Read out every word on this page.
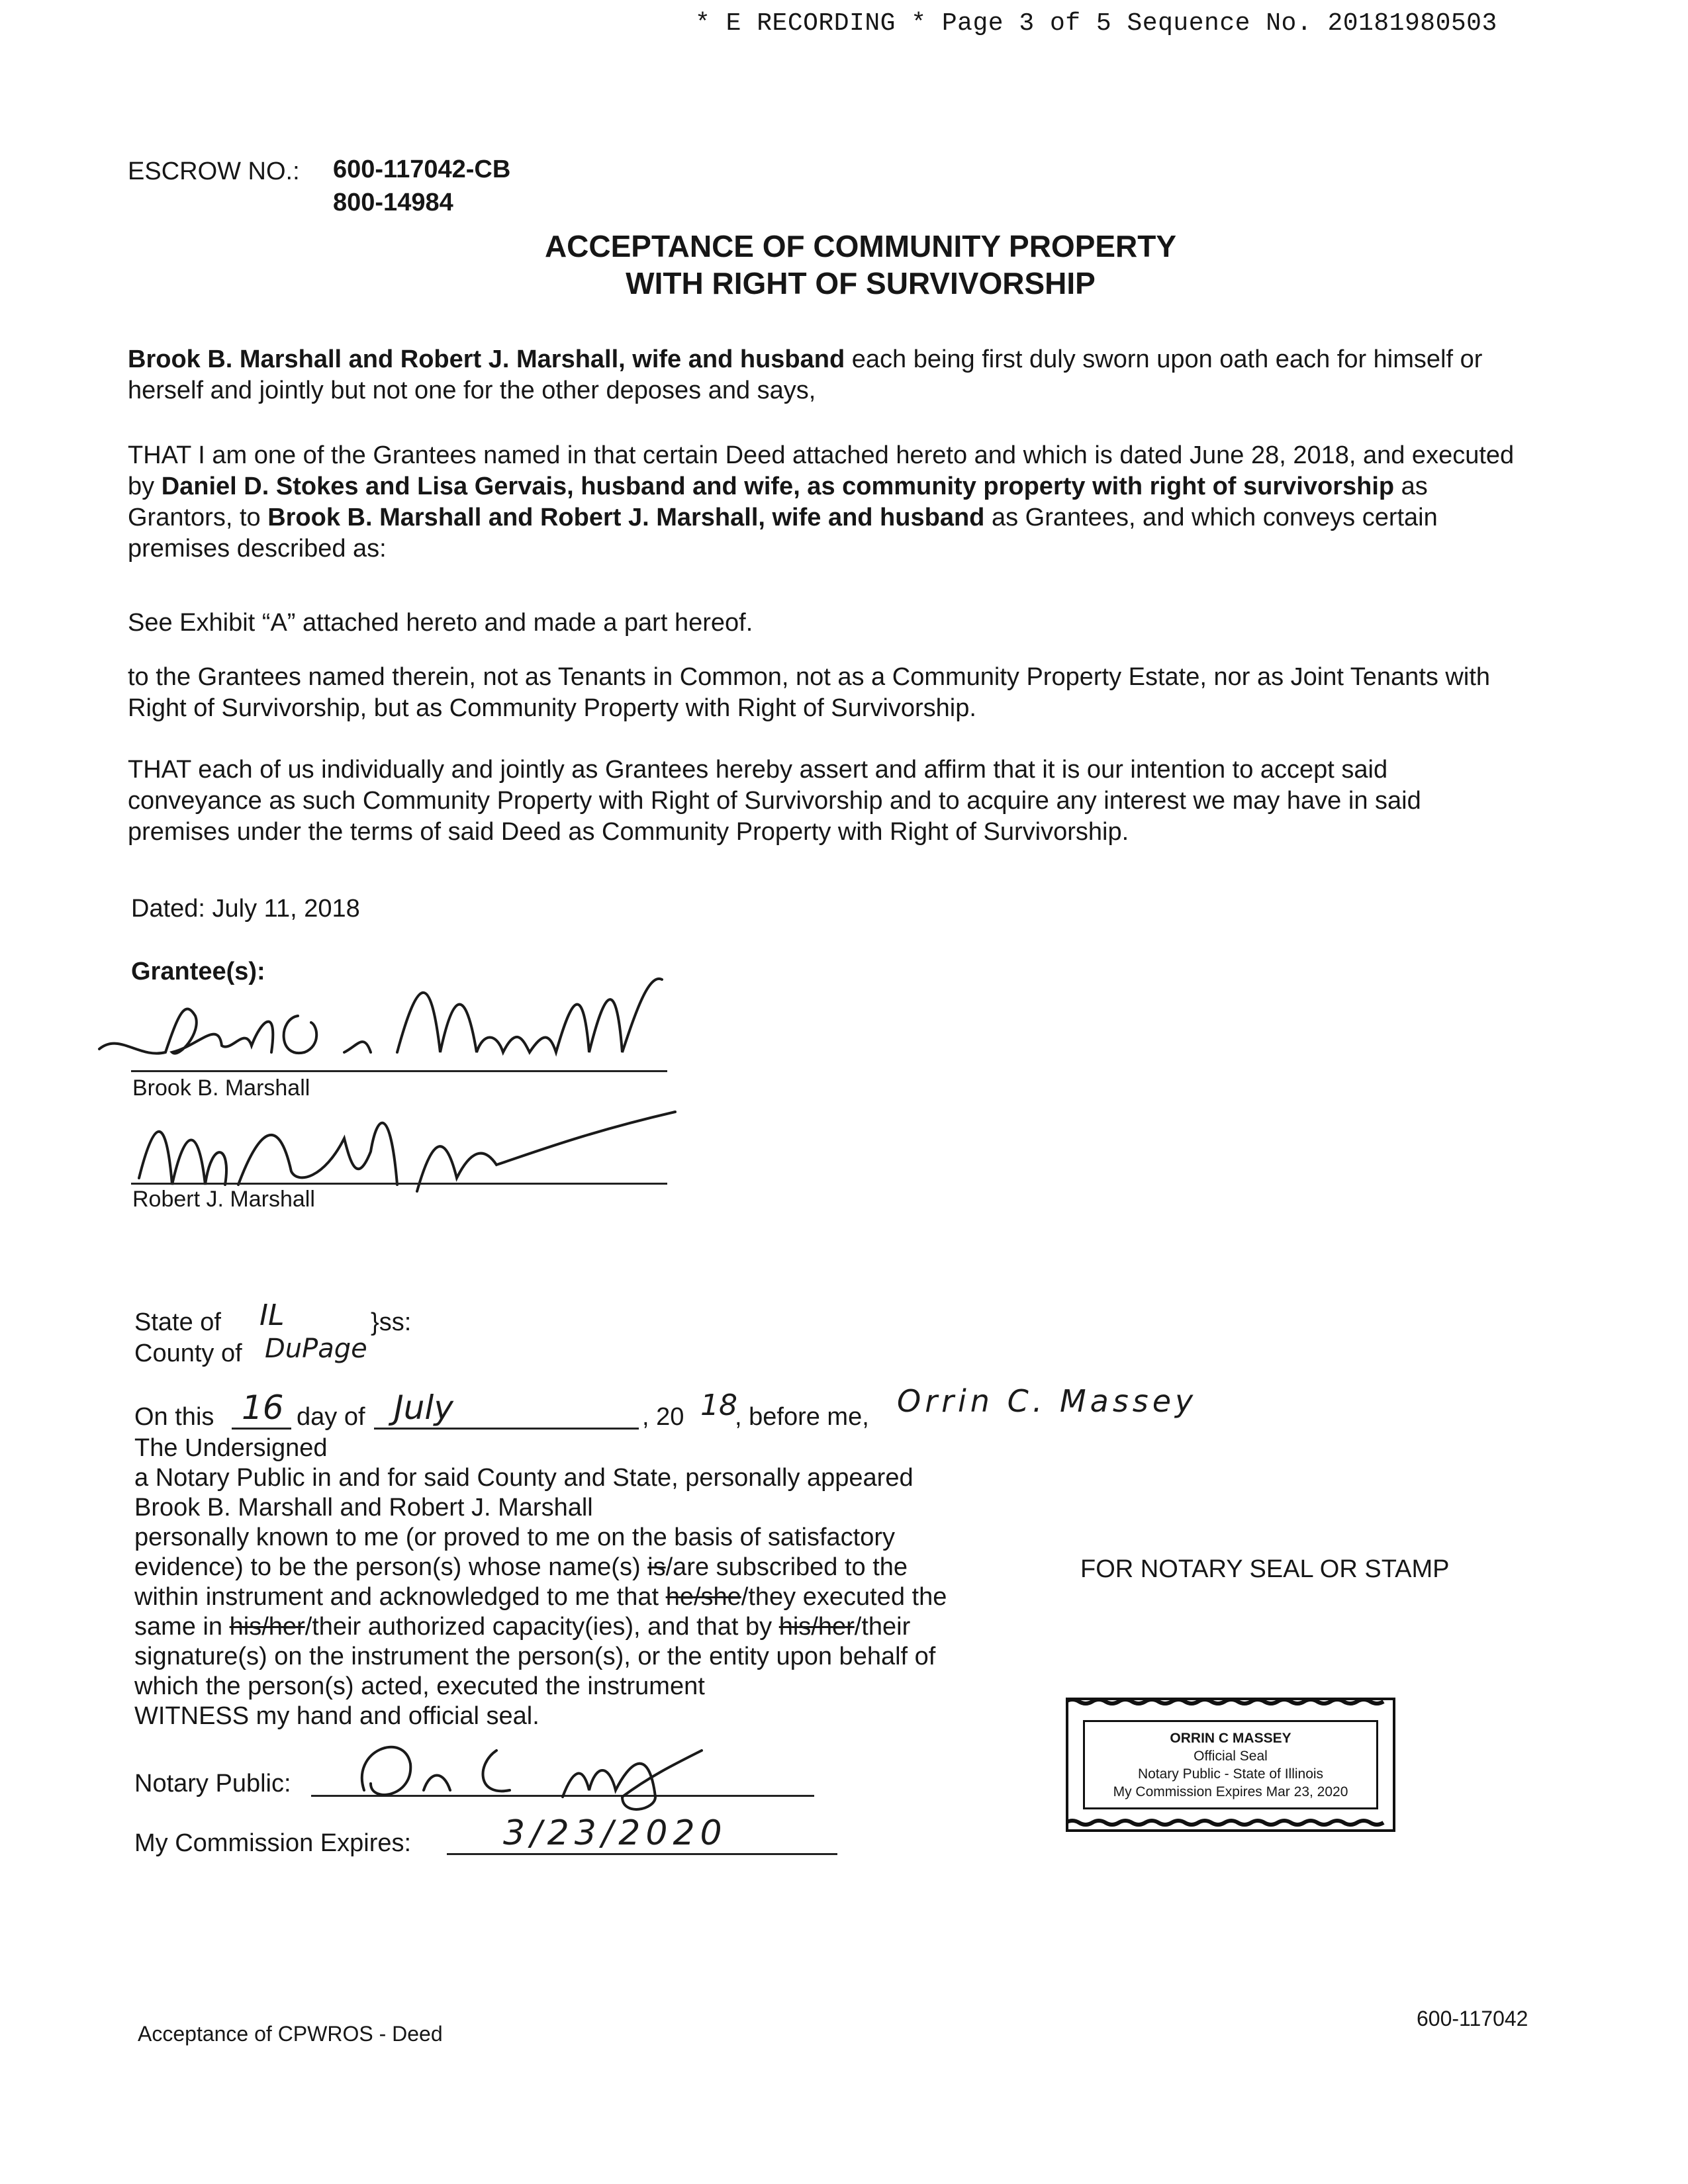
* E RECORDING * Page 3 of 5 Sequence No. 20181980503
ESCROW NO.: 600-117042-CB
800-14984
ACCEPTANCE OF COMMUNITY PROPERTY
WITH RIGHT OF SURVIVORSHIP

Brook B. Marshall and Robert J. Marshall, wife and husband each being first duly sworn upon oath each for himself or herself and jointly but not one for the other deposes and says,

THAT I am one of the Grantees named in that certain Deed attached hereto and which is dated June 28, 2018, and executed by Daniel D. Stokes and Lisa Gervais, husband and wife, as community property with right of survivorship as Grantors, to Brook B. Marshall and Robert J. Marshall, wife and husband as Grantees, and which conveys certain premises described as:

See Exhibit “A” attached hereto and made a part hereof.

to the Grantees named therein, not as Tenants in Common, not as a Community Property Estate, nor as Joint Tenants with Right of Survivorship, but as Community Property with Right of Survivorship.

THAT each of us individually and jointly as Grantees hereby assert and affirm that it is our intention to accept said conveyance as such Community Property with Right of Survivorship and to acquire any interest we may have in said premises under the terms of said Deed as Community Property with Right of Survivorship.

Dated: July 11, 2018
Grantee(s):
Brook B. Marshall
Robert J. Marshall
State of IL	}ss:
County of DuPage
On this 16 day of July	, 20 18
, before me, Orrin C. Massey
The Undersigned
a Notary Public in and for said County and State, personally appeared
Brook B. Marshall and Robert J. Marshall
personally known to me (or proved to me on the basis of satisfactory
evidence) to be the person(s) whose name(s) is/are subscribed to the
within instrument and acknowledged to me that he/she/they executed the
same in his/her/their authorized capacity(ies), and that by his/her/their
signature(s) on the instrument the person(s), or the entity upon behalf of
which the person(s) acted, executed the instrument
WITNESS my hand and official seal.
Notary Public:
My Commission Expires:	3/23/2020
FOR NOTARY SEAL OR STAMP
ORRIN C MASSEY
Official Seal
Notary Public - State of Illinois
My Commission Expires Mar 23, 2020
Acceptance of CPWROS - Deed
600-117042
